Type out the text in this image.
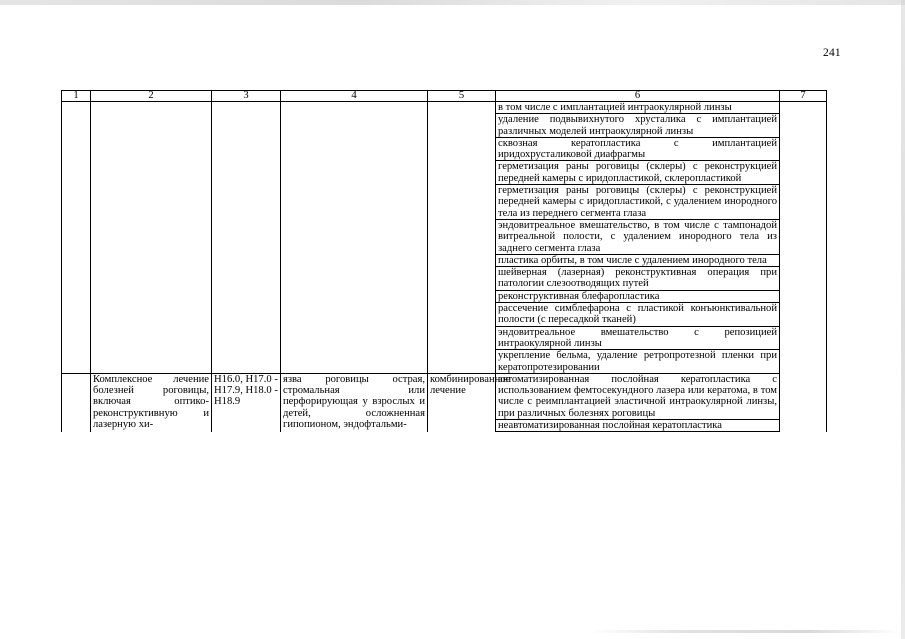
241
1	2	3	4	5	6	7
					в том числе с имплантацией интраокулярной линзы	
					удаление подвывихнутого хрусталика с имплантацией различных моделей интраокулярной линзы	
					сквозная кератопластика с имплантацией иридохрусталиковой диафрагмы	
					герметизация раны роговицы (склеры) с реконструкцией передней камеры с иридопластикой, склеропластикой	
					герметизация раны роговицы (склеры) с реконструкцией передней камеры с иридопластикой, с удалением инородного тела из переднего сегмента глаза	
					эндовитреальное вмешательство, в том числе с тампонадой витреальной полости, с удалением инородного тела из заднего сегмента глаза	
					пластика орбиты, в том числе с удалением инородного тела	
					шейверная (лазерная) реконструктивная операция при патологии слезоотводящих путей	
					реконструктивная блефаропластика	
					рассечение симблефарона с пластикой конъюнктивальной полости (с пересадкой тканей)	
					эндовитреальное вмешательство с репозицией интраокулярной линзы	
					укрепление бельма, удаление ретропротезной пленки при кератопротезировании	
	Комплексное лечение болезней роговицы, включая оптико-реконструктивную и лазерную хи-	H16.0, H17.0 - H17.9, H18.0 - H18.9	язва роговицы острая, стромальная или перфорирующая у взрослых и детей, осложненная гипопионом, эндофтальми-	комбинированное лечение	автоматизированная послойная кератопластика с использованием фемтосекундного лазера или кератома, в том числе с реимплантацией эластичной интраокулярной линзы, при различных болезнях роговицы	
					неавтоматизированная послойная кератопластика	
